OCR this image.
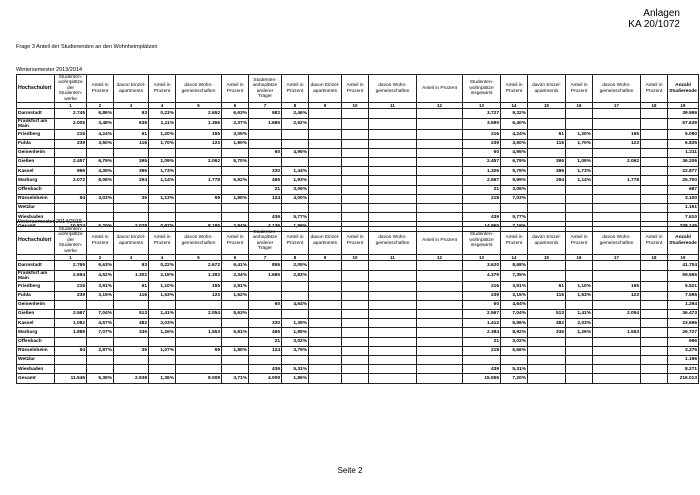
Anlagen
KA 20/1072
Frage 3 Anteil der Studierenden an den Wohnheimplätzen
Wintersemester 2013/2014
Hochschulort	Studenten-wohnplätze der Studenten-werke	Anteil in Prozent	davon Einzel-apartments	Anteil in Prozent	davon Wohn-gemeinschaften	Anteil in Prozent	Studenten-wohnplätze anderer Träger	Anteil in Prozent	davon Einzel-apartments	Anteil in Prozent	davon Wohn-gemeinschaften	Anteil in Prozent	Studenten-wohnplätze insgesamt	Anteil in Prozent	davon Einzel-apartments	Anteil in Prozent	davon Wohn-gemeinschaften	Anteil in Prozent	Anzahl Studierende
	1	2	3	4	5	6	7	8	9	10	11	12	13	14	15	16	17	18	19
Darmstadt	2.745	6,86%	93	0,23%	2.652	6,63%	982	2,46%					3.727	9,32%					39.999
Frankfurt am Main	2.005	3,48%	638	1,11%	1.366	2,37%	1.685	2,92%					3.690	6,40%					57.639
Friedberg	216	4,24%	61	1,20%	155	3,05%							216	4,24%	61	1,20%	155		5.090
Fulda	239	3,50%	116	1,70%	123	1,80%							239	3,50%	116	1,70%	123		6.835
Geisenheim							60	4,95%					60	4,95%					1.211
Gießen	2.457	6,79%	395	1,09%	2.062	5,70%							2.457	6,79%	395	1,09%	2.062		36.206
Kassel	996	4,35%	396	1,73%			330	1,44%					1.326	5,79%	396	1,73%			22.877
Marburg	2.072	8,06%	294	1,14%	1.778	6,92%	495	1,93%					2.567	9,99%	294	1,14%	1.778		25.700
Offenbach							21	3,06%					21	3,06%					687
Rüsselsheim	94	3,03%	35	1,13%	59	1,90%	124	4,00%					218	7,03%					3.100
Wetzlar																			1.191
Wiesbaden							439	5,77%					439	5,77%					7.610
Gesamt	10.824	5,20%	2.028	0,97%	8.195	3,94%	4.136	1,99%					14.960	7,19%					208.145
Wintersemester 2014/2015
Hochschulort	Studenten-wohnplätze der Studenten-werke	Anteil in Prozent	davon Einzel-apartments	Anteil in Prozent	davon Wohn-gemeinschaften	Anteil in Prozent	Studenten-wohnplätze anderer Träger	Anteil in Prozent	davon Einzel-apartments	Anteil in Prozent	davon Wohn-gemeinschaften	Anteil in Prozent	Studenten-wohnplätze insgesamt	Anteil in Prozent	davon Einzel-apartments	Anteil in Prozent	davon Wohn-gemeinschaften	Anteil in Prozent	Anzahl Studierende
	1	2	3	4	5	6	7	8	9	10	11	12	13	14	15	16	17	18	19
Darmstadt	2.765	6,63%	93	0,22%	2.672	6,41%	855	2,05%					3.620	8,68%					41.704
Frankfurt am Main	2.694	4,52%	1.302	2,19%	1.392	2,34%	1.685	2,83%					4.379	7,35%					59.565
Friedberg	216	3,91%	61	1,10%	155	2,81%							216	3,91%	61	1,10%	155		5.521
Fulda	239	3,15%	116	1,53%	123	1,62%							239	3,15%	116	1,53%	123		7.595
Geisenheim							60	4,64%					60	4,64%					1.294
Gießen	2.567	7,04%	513	1,41%	2.054	5,63%							2.567	7,04%	513	1,41%	2.054		36.473
Kassel	1.082	4,57%	482	2,03%			330	1,39%					1.412	5,96%	482	2,03%			23.696
Marburg	1.889	7,07%	336	1,26%	1.553	5,81%	495	1,85%					2.384	8,92%	336	1,26%	1.553		26.727
Offenbach							21	3,02%					21	3,02%					696
Rüsselsheim	94	2,87%	35	1,07%	59	1,80%	124	3,79%					218	6,66%					3.275
Wetzlar																			1.196
Wiesbaden							439	5,31%					439	5,31%					8.271
Gesamt	11.546	5,35%	2.938	1,36%	8.008	3,71%	4.009	1,86%					15.555	7,20%					216.013
Seite 2
